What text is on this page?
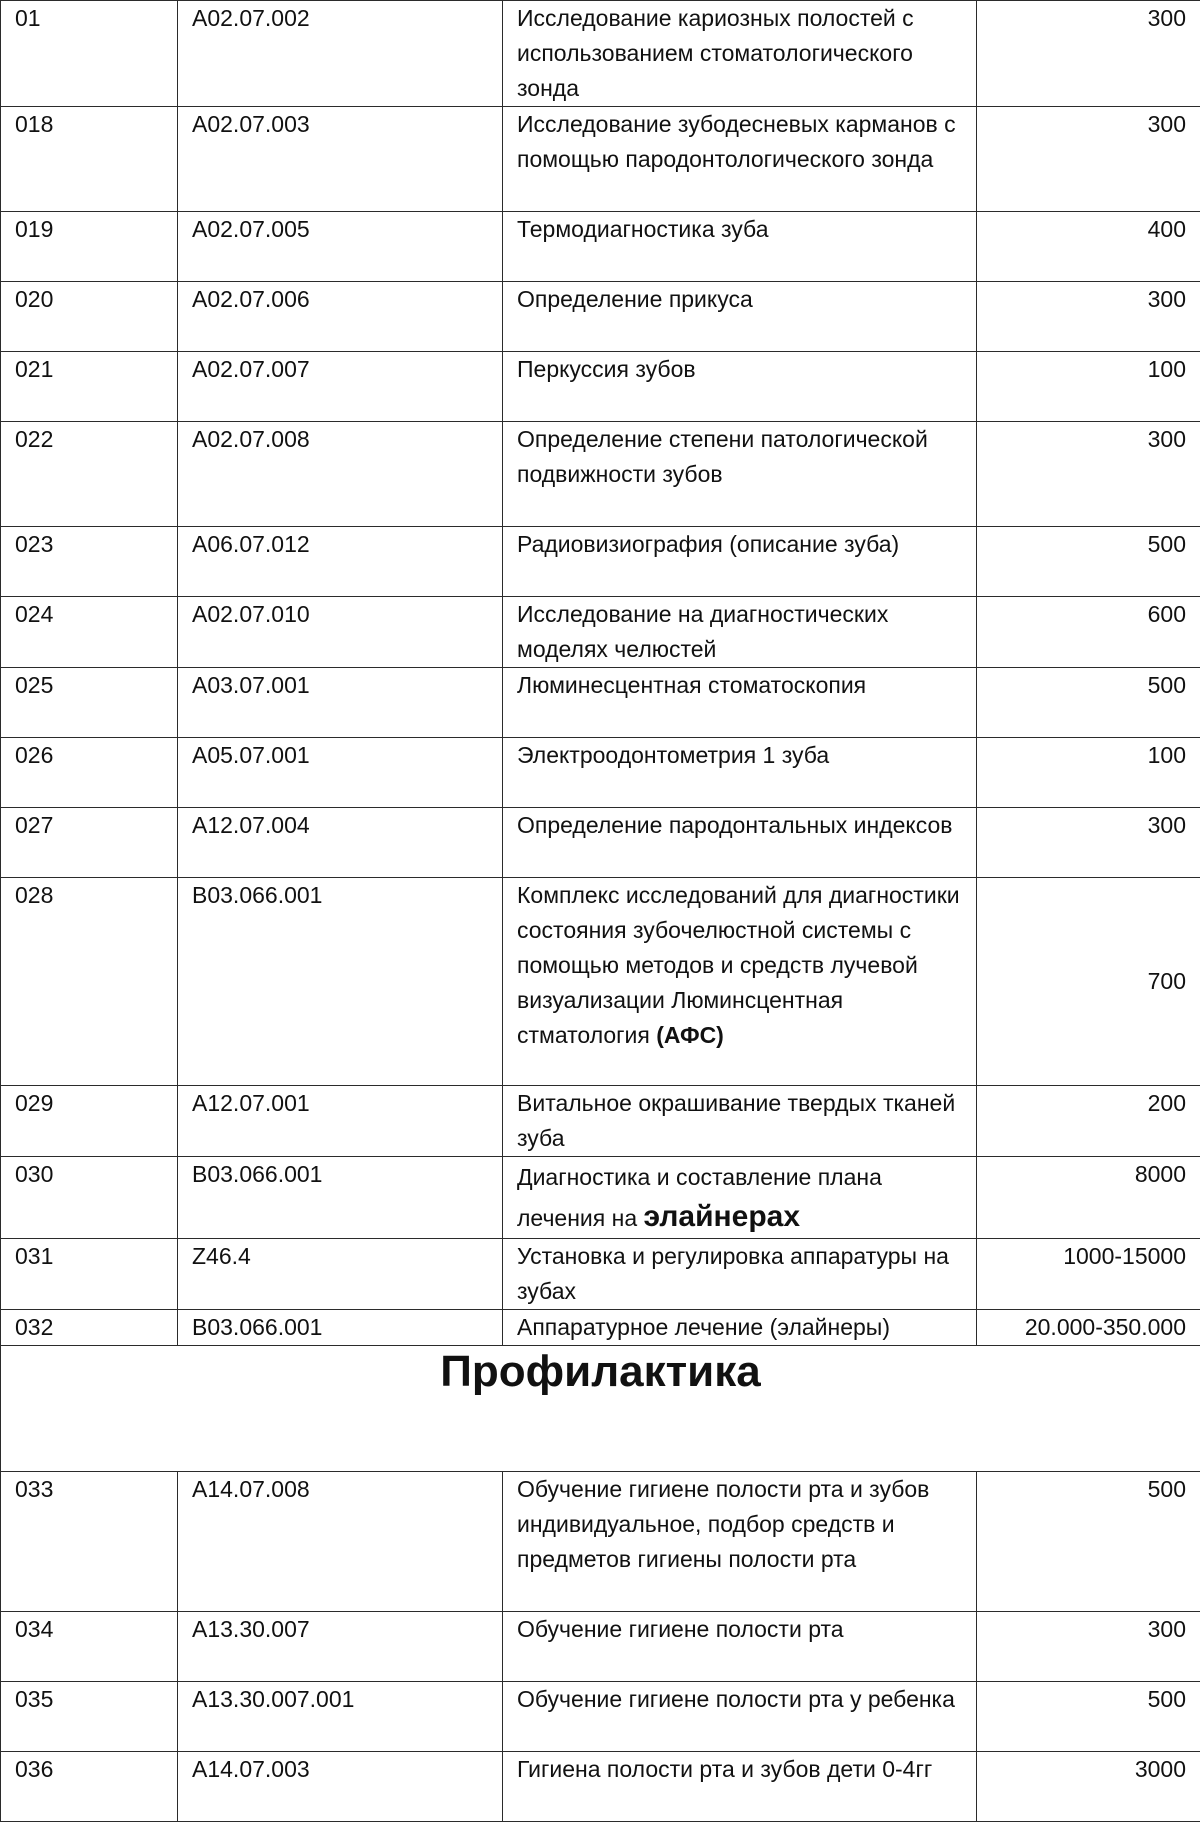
01	A02.07.002	Исследование кариозных полостей с использованием стоматологического зонда	300
018	A02.07.003	Исследование зубодесневых карманов с помощью пародонтологического зонда	300
019	A02.07.005	Термодиагностика зуба	400
020	A02.07.006	Определение прикуса	300
021	A02.07.007	Перкуссия зубов	100
022	A02.07.008	Определение степени патологической подвижности зубов	300
023	A06.07.012	Радиовизиография (описание зуба)	500
024	A02.07.010	Исследование на диагностических моделях челюстей	600
025	A03.07.001	Люминесцентная стоматоскопия	500
026	A05.07.001	Электроодонтометрия 1 зуба	100
027	A12.07.004	Определение пародонтальных индексов	300
028	B03.066.001	Комплекс исследований для диагностики состояния зубочелюстной системы с помощью методов и средств лучевой визуализации Люминсцентная стматология (АФС)	700
029	A12.07.001	Витальное окрашивание твердых тканей зуба	200
030	B03.066.001	Диагностика и составление плана лечения на элайнерах	8000
031	Z46.4	Установка и регулировка аппаратуры на зубах	1000-15000
032	B03.066.001	Аппаратурное лечение (элайнеры)	20.000-350.000
Профилактика			
033	A14.07.008	Обучение гигиене полости рта и зубов индивидуальное, подбор средств и предметов гигиены полости рта	500
034	A13.30.007	Обучение гигиене полости рта	300
035	A13.30.007.001	Обучение гигиене полости рта у ребенка	500
036	A14.07.003	Гигиена полости рта и зубов дети 0-4гг	3000
